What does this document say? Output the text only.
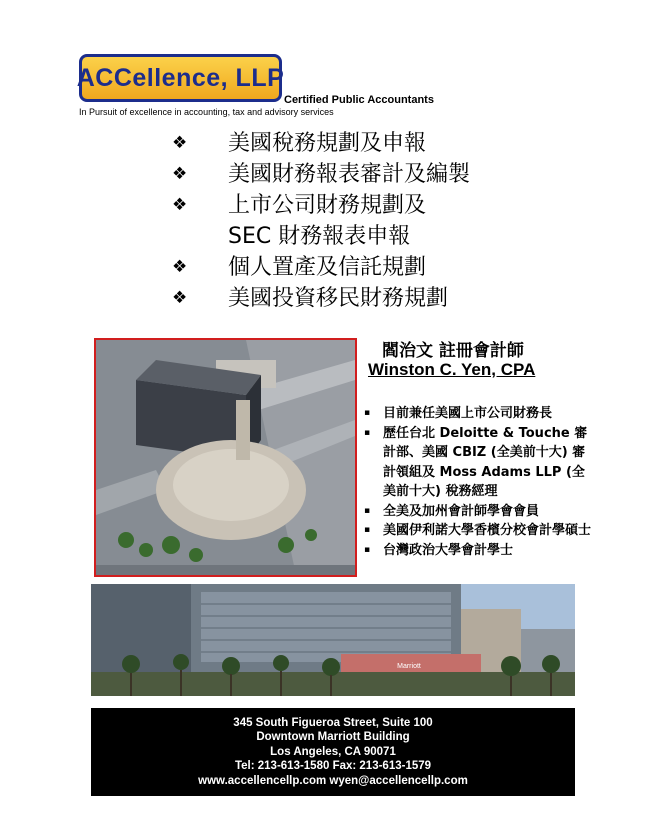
ACCellence, LLP
Certified Public Accountants
In Pursuit of excellence in accounting, tax and advisory services
❖ 美國稅務規劃及申報
❖ 美國財務報表審計及編製
❖ 上市公司財務規劃及
SEC 財務報表申報
❖ 個人置產及信託規劃
❖ 美國投資移民財務規劃
閻治文 註冊會計師
Winston C. Yen, CPA
▪ 目前兼任美國上市公司財務長
▪ 歷任台北 Deloitte & Touche 審計部、美國 CBIZ (全美前十大) 審計領組及 Moss Adams LLP (全美前十大) 稅務經理
▪ 全美及加州會計師學會會員
▪ 美國伊利諾大學香檳分校會計學碩士
▪ 台灣政治大學會計學士
Marriott
345 South Figueroa Street, Suite 100
Downtown Marriott Building
Los Angeles, CA 90071
Tel: 213-613-1580 Fax: 213-613-1579
www.accellencellp.com wyen@accellencellp.com
